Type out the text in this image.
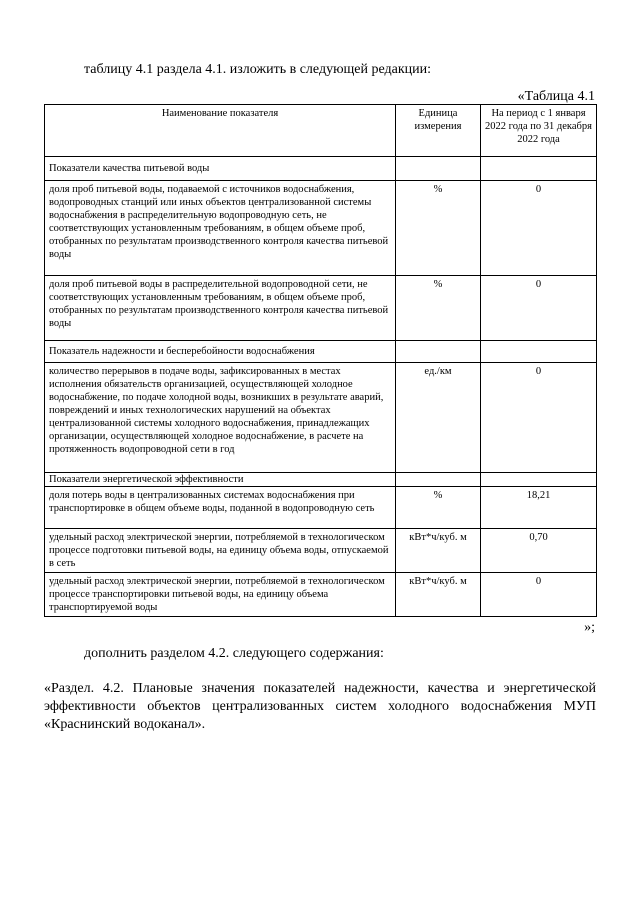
таблицу 4.1 раздела 4.1. изложить в следующей редакции:
«Таблица 4.1
Наименование показателя	Единица измерения	На период с 1 января 2022 года по 31 декабря 2022 года
Показатели качества питьевой воды		
доля проб питьевой воды, подаваемой с источников водоснабжения, водопроводных станций или иных объектов централизованной системы водоснабжения в распределительную водопроводную сеть, не соответствующих установленным требованиям, в общем объеме проб, отобранных по результатам производственного контроля качества питьевой воды	%	0
доля проб питьевой воды в распределительной водопроводной сети, не соответствующих установленным требованиям, в общем объеме проб, отобранных по результатам производственного контроля качества питьевой воды	%	0
Показатель надежности и бесперебойности водоснабжения		
количество перерывов в подаче воды, зафиксированных в местах исполнения обязательств организацией, осуществляющей холодное водоснабжение, по подаче холодной воды, возникших в результате аварий, повреждений и иных технологических нарушений на объектах централизованной системы холодного водоснабжения, принадлежащих организации, осуществляющей холодное водоснабжение, в расчете на протяженность водопроводной сети в год	ед./км	0
Показатели энергетической эффективности		
доля потерь воды в централизованных системах водоснабжения при транспортировке в общем объеме воды, поданной в водопроводную сеть	%	18,21
удельный расход электрической энергии, потребляемой в технологическом процессе подготовки питьевой воды, на единицу объема воды, отпускаемой в сеть	кВт*ч/куб. м	0,70
удельный расход электрической энергии, потребляемой в технологическом процессе транспортировки питьевой воды, на единицу объема транспортируемой воды	кВт*ч/куб. м	0
»;
дополнить разделом 4.2. следующего содержания:
«Раздел. 4.2. Плановые значения показателей надежности, качества и энергетической эффективности объектов централизованных систем холодного водоснабжения МУП «Краснинский водоканал».
